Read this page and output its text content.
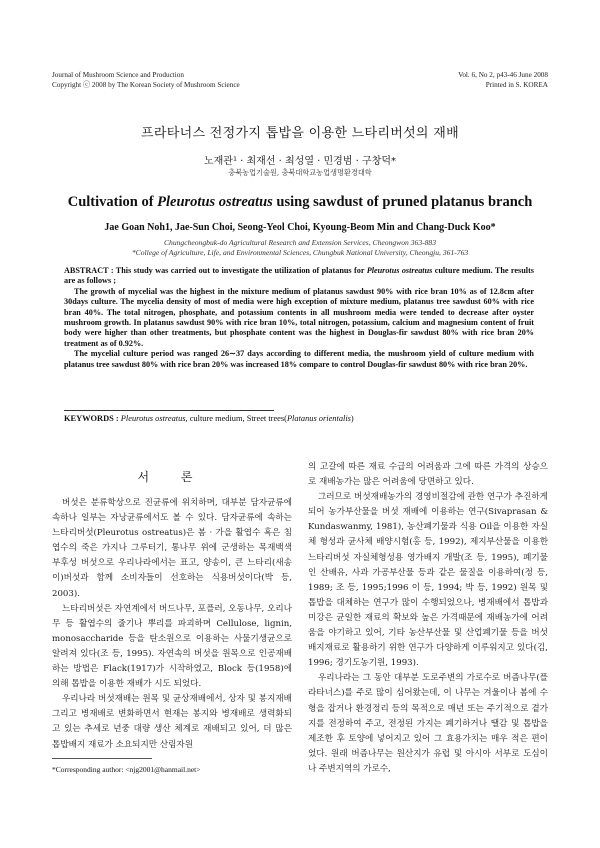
Journal of Mushroom Science and Production
Copyright ⓒ 2008 by The Korean Society of Mushroom Science
Vol. 6, No 2, p43-46 June 2008
Printed in S. KOREA
프라타너스 전정가지 톱밥을 이용한 느타리버섯의 재배
노재관¹ · 최재선 · 최성열 · 민경범 · 구창덕*
충북농업기술원, 충북대학교농업생명환경대학
Cultivation of Pleurotus ostreatus using sawdust of pruned platanus branch
Jae Goan Noh1, Jae-Sun Choi, Seong-Yeol Choi, Kyoung-Beom Min and Chang-Duck Koo*
Chungcheongbuk-do Agricultural Research and Extension Services, Cheongwon 363-883
*College of Agriculture, Life, and Environmental Sciences, Chungbuk National University, Cheongju, 361-763

ABSTRACT : This study was carried out to investigate the utilization of platanus for Pleurotus ostreatus culture medium. The results are as follows ;

The growth of mycelial was the highest in the mixture medium of platanus sawdust 90% with rice bran 10% as of 12.8cm after 30days culture. The mycelia density of most of media were high exception of mixture medium, platanus tree sawdust 60% with rice bran 40%. The total nitrogen, phosphate, and potassium contents in all mushroom media were tended to decrease after oyster mushroom growth. In platanus sawdust 90% with rice bran 10%, total nitrogen, potassium, calcium and magnesium content of fruit body were higher than other treatments, but phosphate content was the highest in Douglas-fir sawdust 80% with rice bran 20% treatment as of 0.92%.

The mycelial culture period was ranged 26∼37 days according to different media, the mushroom yield of culture medium with platanus tree sawdust 80% with rice bran 20% was increased 18% compare to control Douglas-fir sawdust 80% with rice bran 20%.

KEYWORDS : Pleurotus ostreatus, culture medium, Street trees(Platanus orientalis)
서 론

버섯은 분류학상으로 진균류에 위치하며, 대부분 담자균류에 속하나 일부는 자낭균류에서도 볼 수 있다. 담자균류에 속하는 느타리버섯(Pleurotus ostreatus)은 봄 · 가을 활엽수 혹은 침엽수의 죽은 가지나 그루터기, 통나무 위에 군생하는 목재백색 부후성 버섯으로 우리나라에서는 표고, 양송이, 큰 느타리(새송이)버섯과 함께 소비자들이 선호하는 식용버섯이다(박 등, 2003).

느타리버섯은 자연계에서 버드나무, 포플러, 오동나무, 오리나무 등 활엽수의 줄기나 뿌리를 파괴하며 Cellulose, lignin, monosaccharide 등을 탄소원으로 이용하는 사물기생균으로 알려져 있다(조 등, 1995). 자연속의 버섯을 원목으로 인공재배 하는 방법은 Flack(1917)가 시작하였고, Block 등(1958)에 의해 톱밥을 이용한 재배가 시도 되었다.

우리나라 버섯재배는 원목 및 균상재배에서, 상자 및 봉지재배 그리고 병재배로 변화하면서 현재는 봉지와 병재배로 생력화되고 있는 추세로 년중 대량 생산 체계로 재배되고 있어, 더 많은 톱밥배지 재료가 소요되지만 산림자원

의 고갈에 따른 재료 수급의 어려움과 그에 따른 가격의 상승으로 재배농가는 많은 어려움에 당면하고 있다.

그러므로 버섯재배농가의 경영비절감에 관한 연구가 추진하게 되어 농가부산물을 버섯 재배에 이용하는 연구(Sivaprasan & Kundaswanmy, 1981), 농산폐기물과 식용 Oil을 이용한 자실체 형성과 균사체 배양시험(홍 등, 1992), 제지부산물을 이용한 느타리버섯 자실체형성용 영가배지 개발(조 등, 1995), 폐기물인 산배유, 사과 가공부산물 등과 같은 물질을 이용하여(정 등, 1989; 조 등, 1995;1996 이 등, 1994; 박 등, 1992) 원목 및 톱밥을 대체하는 연구가 많이 수행되었으나, 병재배에서 톱밥과 미강은 균일한 재료의 확보와 높은 가격때문에 재배농가에 어려움을 야기하고 있어, 기타 농산부산물 및 산업폐기물 등을 버섯배지재료로 활용하기 위한 연구가 다양하게 이루워지고 있다(김, 1996; 경기도농기원, 1993).

우리나라는 그 동안 대부분 도로주변의 가로수로 버즘나무(플라타너스)를 주로 많이 심어왔는데, 이 나무는 겨울이나 봄에 수형을 잡거나 환경정리 등의 목적으로 매년 또는 주기적으로 곁가지를 전정하여 주고, 전정된 가지는 폐기하거나 땔감 및 톱밥을 제조한 후 토양에 넣어지고 있어 그 효용가치는 매우 적은 편이었다. 원래 버즘나무는 원산지가 유럽 및 아시아 서부로 도심이나 주변지역의 가로수,

*Corresponding author: <njg2001@hanmail.net>
